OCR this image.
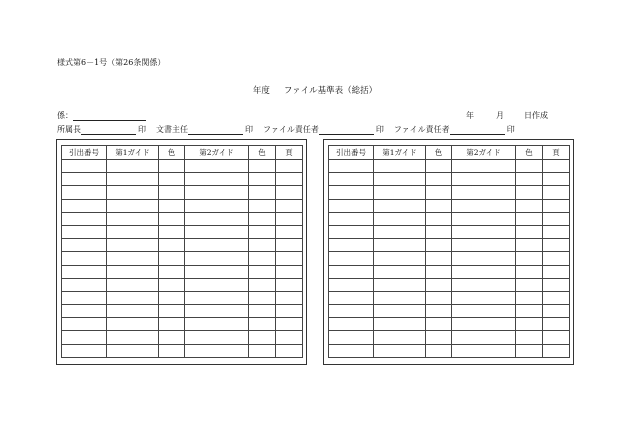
様式第6－1号（第26条関係）
年度 ファイル基準表（総括）
係：	年	月	日作成
所属長	印 文書主任	印 ファイル責任者	印 ファイル責任者	印
引出番号	第1ガイド	色	第2ガイド	色	頁

						引出番号	第1ガイド	色	第2ガイド	色	頁
